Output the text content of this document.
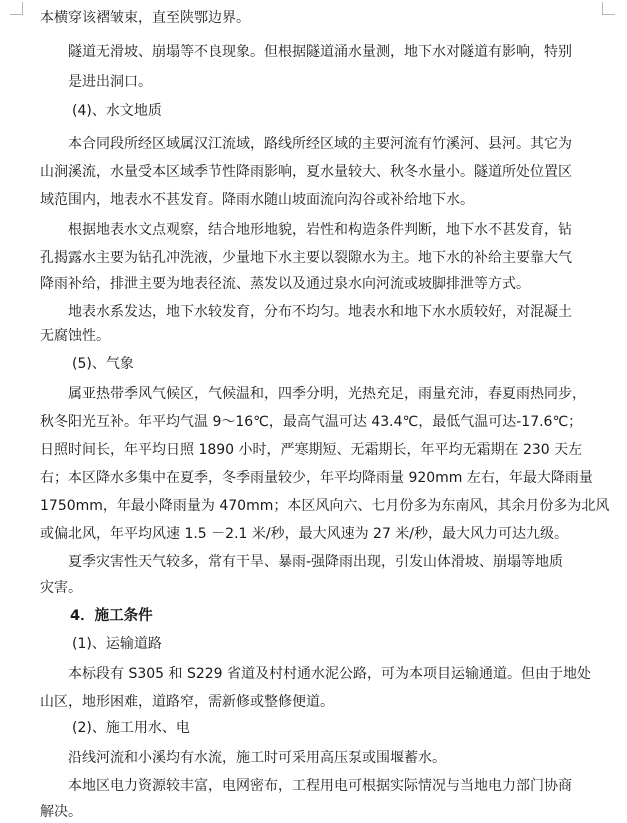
本横穿该褶皱束，直至陕鄂边界。
隧道无滑坡、崩塌等不良现象。但根据隧道涌水量测，地下水对隧道有影响，特别
是进出洞口。
(4)、水文地质
本合同段所经区域属汉江流域，路线所经区域的主要河流有竹溪河、县河。其它为
山涧溪流，水量受本区域季节性降雨影响，夏水量较大、秋冬水量小。隧道所处位置区
域范围内，地表水不甚发育。降雨水随山坡面流向沟谷或补给地下水。
根据地表水文点观察，结合地形地貌，岩性和构造条件判断，地下水不甚发育，钻
孔揭露水主要为钻孔冲洗液，少量地下水主要以裂隙水为主。地下水的补给主要靠大气
降雨补给，排泄主要为地表径流、蒸发以及通过泉水向河流或坡脚排泄等方式。
地表水系发达，地下水较发育，分布不均匀。地表水和地下水水质较好，对混凝土
无腐蚀性。
(5)、气象
属亚热带季风气候区，气候温和，四季分明，光热充足，雨量充沛，春夏雨热同步，
秋冬阳光互补。年平均气温 9～16℃，最高气温可达 43.4℃，最低气温可达-17.6℃；
日照时间长，年平均日照 1890 小时，严寒期短、无霜期长，年平均无霜期在 230 天左
右；本区降水多集中在夏季，冬季雨量较少，年平均降雨量 920mm 左右，年最大降雨量
1750mm，年最小降雨量为 470mm；本区风向六、七月份多为东南风，其余月份多为北风
或偏北风，年平均风速 1.5 －2.1 米/秒，最大风速为 27 米/秒，最大风力可达九级。
夏季灾害性天气较多，常有干旱、暴雨-强降雨出现，引发山体滑坡、崩塌等地质
灾害。
4．施工条件
(1)、运输道路
本标段有 S305 和 S229 省道及村村通水泥公路，可为本项目运输通道。但由于地处
山区，地形困难，道路窄，需新修或整修便道。
(2)、施工用水、电
沿线河流和小溪均有水流，施工时可采用高压泵或围堰蓄水。
本地区电力资源较丰富，电网密布，工程用电可根据实际情况与当地电力部门协商
解决。
